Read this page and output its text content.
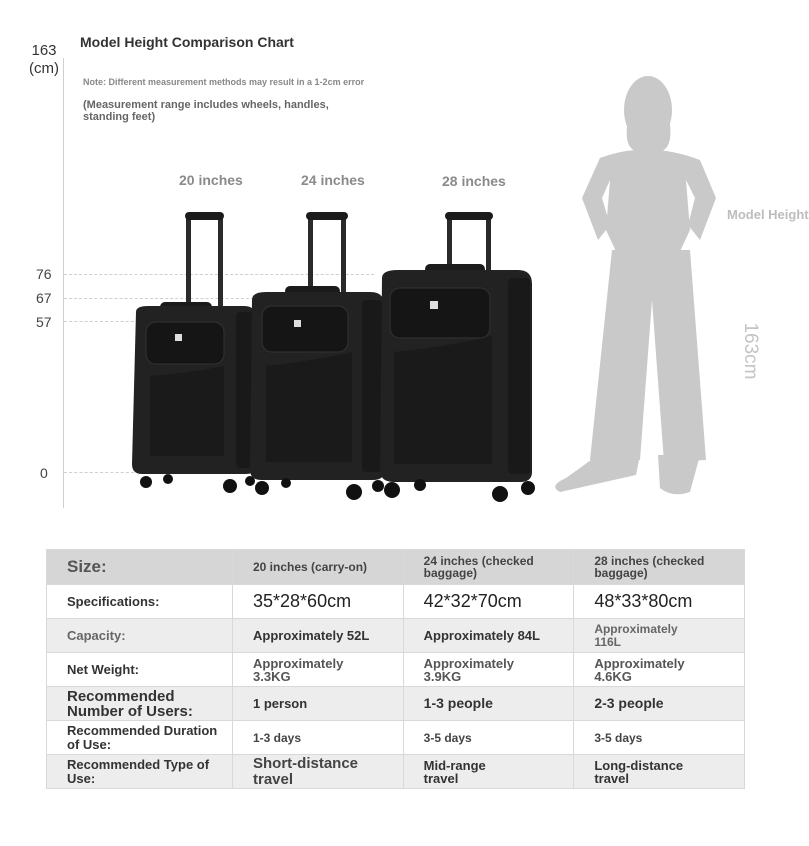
163
(cm)
76
67
57
0
Model Height Comparison Chart
Note: Different measurement methods may result in a 1-2cm error
(Measurement range includes wheels, handles, standing feet)
20 inches	24 inches	28 inches
Model Height
163cm
Size:	20 inches (carry-on)	24 inches (checked baggage)	28 inches (checked baggage)

Specifications:	35*28*60cm	42*32*70cm	48*33*80cm

Capacity:	Approximately 52L	Approximately 84L	Approximately 116L

Net Weight:	Approximately 3.3KG	Approximately 3.9KG	Approximately 4.6KG

Recommended Number of Users:	1 person	1-3 people	2-3 people

Recommended Duration of Use:	1-3 days	3-5 days	3-5 days

Recommended Type of Use:	Short-distance travel	Mid-range travel	Long-distance travel
